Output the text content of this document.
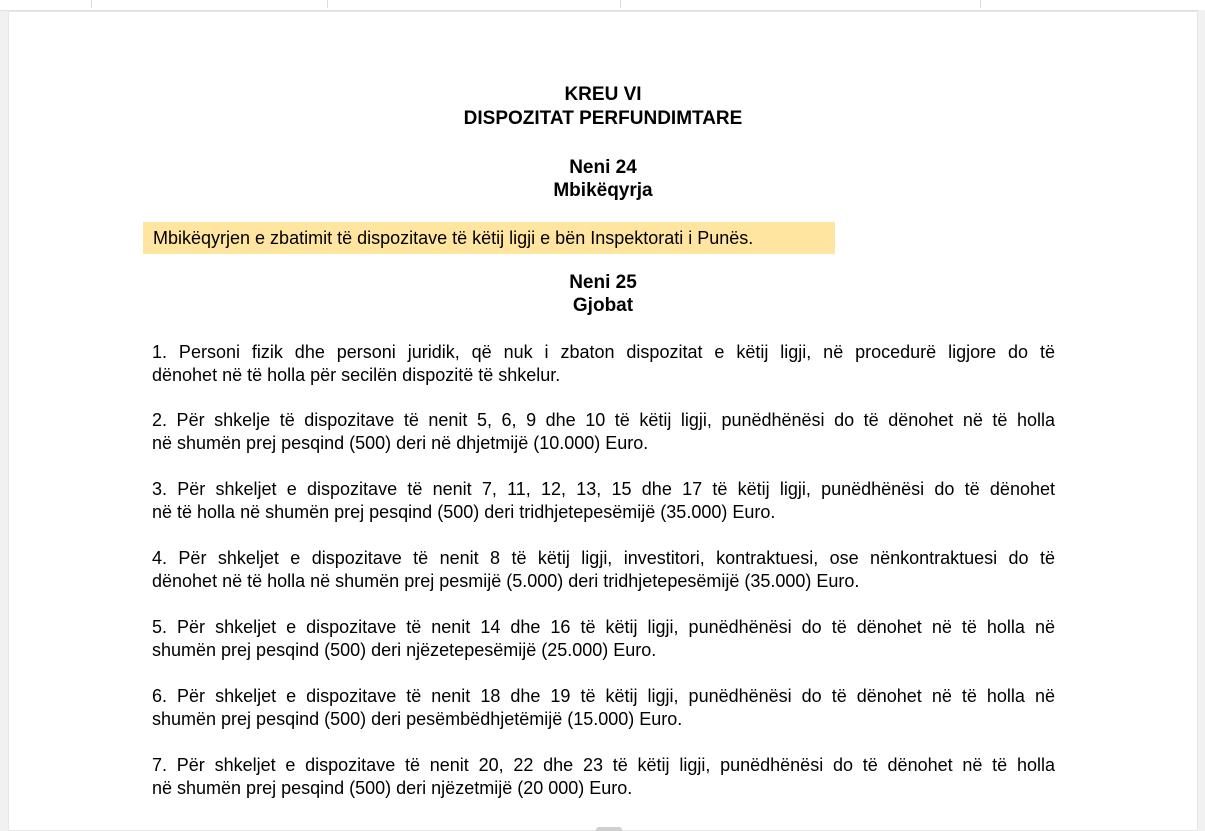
KREU VI
DISPOZITAT PERFUNDIMTARE
Neni 24
Mbikëqyrja
Mbikëqyrjen e zbatimit të dispozitave të këtij ligji e bën Inspektorati i Punës.
Neni 25
Gjobat
1. Personi fizik dhe personi juridik, që nuk i zbaton dispozitat e këtij ligji, në procedurë ligjore do të
dënohet në të holla për secilën dispozitë të shkelur.
2. Për shkelje të dispozitave të nenit 5, 6, 9 dhe 10 të këtij ligji, punëdhënësi do të dënohet në të holla
në shumën prej pesqind (500) deri në dhjetmijë (10.000) Euro.
3. Për shkeljet e dispozitave të nenit 7, 11, 12, 13, 15 dhe 17 të këtij ligji, punëdhënësi do të dënohet
në të holla në shumën prej pesqind (500) deri tridhjetepesëmijë (35.000) Euro.
4. Për shkeljet e dispozitave të nenit 8 të këtij ligji, investitori, kontraktuesi, ose nënkontraktuesi do të
dënohet në të holla në shumën prej pesmijë (5.000) deri tridhjetepesëmijë (35.000) Euro.
5. Për shkeljet e dispozitave të nenit 14 dhe 16 të këtij ligji, punëdhënësi do të dënohet në të holla në
shumën prej pesqind (500) deri njëzetepesëmijë (25.000) Euro.
6. Për shkeljet e dispozitave të nenit 18 dhe 19 të këtij ligji, punëdhënësi do të dënohet në të holla në
shumën prej pesqind (500) deri pesëmbëdhjetëmijë (15.000) Euro.
7. Për shkeljet e dispozitave të nenit 20, 22 dhe 23 të këtij ligji, punëdhënësi do të dënohet në të holla
në shumën prej pesqind (500) deri njëzetmijë (20 000) Euro.
